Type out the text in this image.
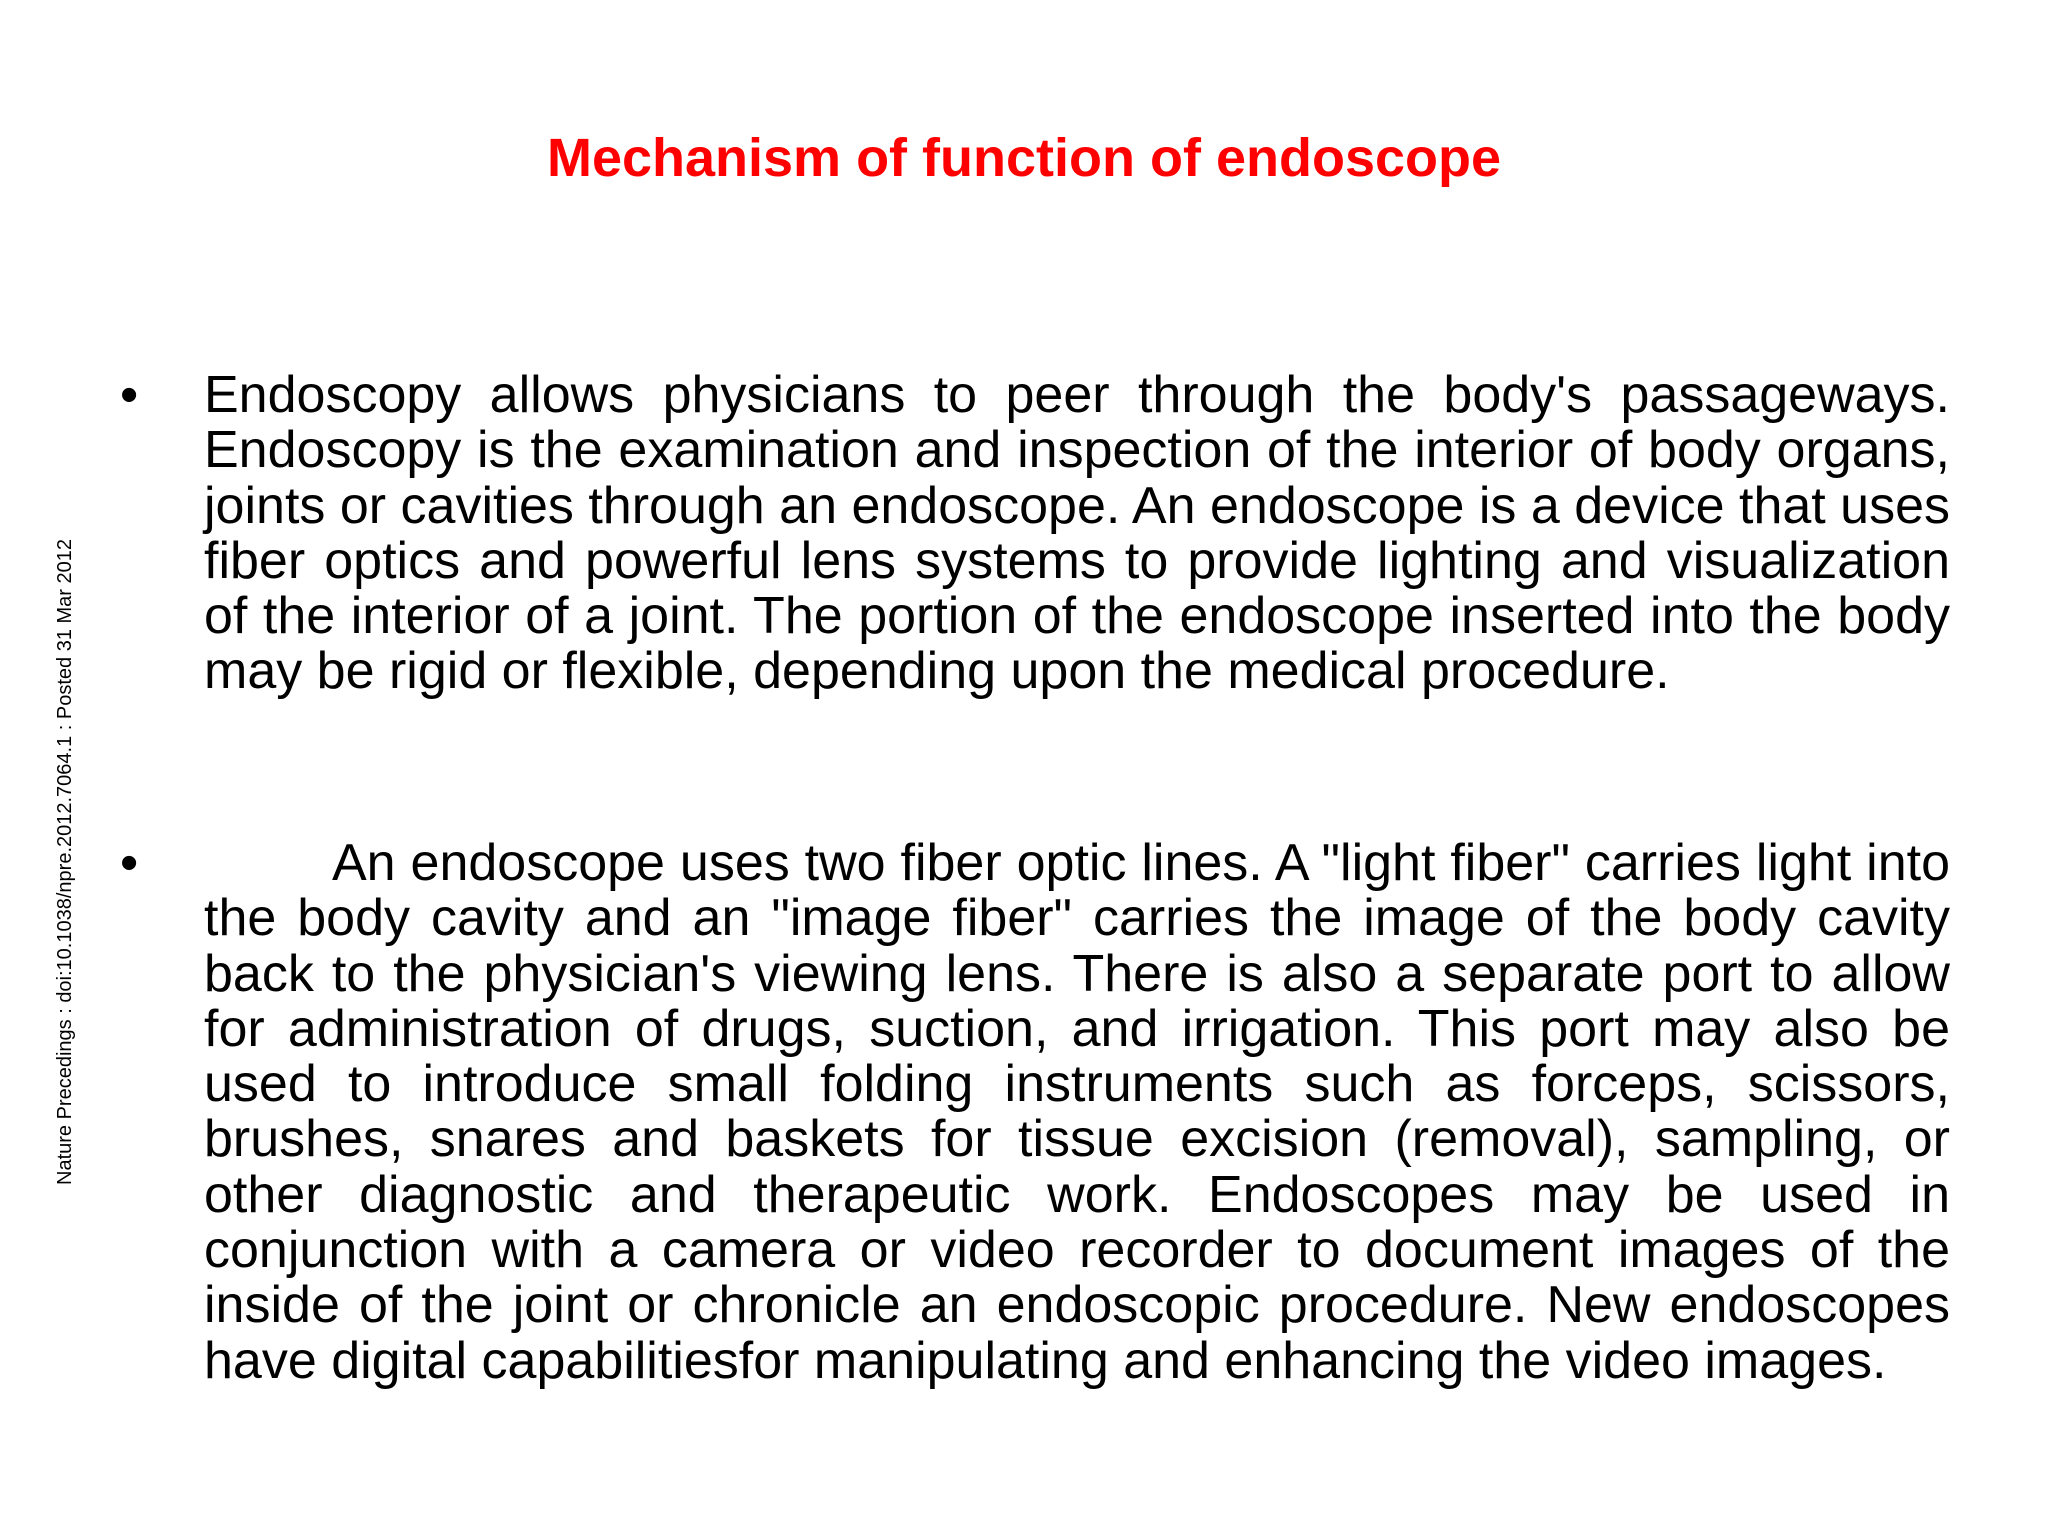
Mechanism of function of endoscope
Nature Precedings : doi:10.1038/npre.2012.7064.1 : Posted 31 Mar 2012
•	Endoscopy allows physicians to peer through the body's passageways. Endoscopy is the examination and inspection of the interior of body organs, joints or cavities through an endoscope. An endoscope is a device that uses fiber optics and powerful lens systems to provide lighting and visualization of the interior of a joint. The portion of the endoscope inserted into the body may be rigid or flexible, depending upon the medical procedure.

•	An endoscope uses two fiber optic lines. A "light fiber" carries light into the body cavity and an "image fiber" carries the image of the body cavity back to the physician's viewing lens. There is also a separate port to allow for administration of drugs, suction, and irrigation. This port may also be used to introduce small folding instruments such as forceps, scissors, brushes, snares and baskets for tissue excision (removal), sampling, or other diagnostic and therapeutic work. Endoscopes may be used in conjunction with a camera or video recorder to document images of the inside of the joint or chronicle an endoscopic procedure. New endoscopes have digital capabilitiesfor manipulating and enhancing the video images.
